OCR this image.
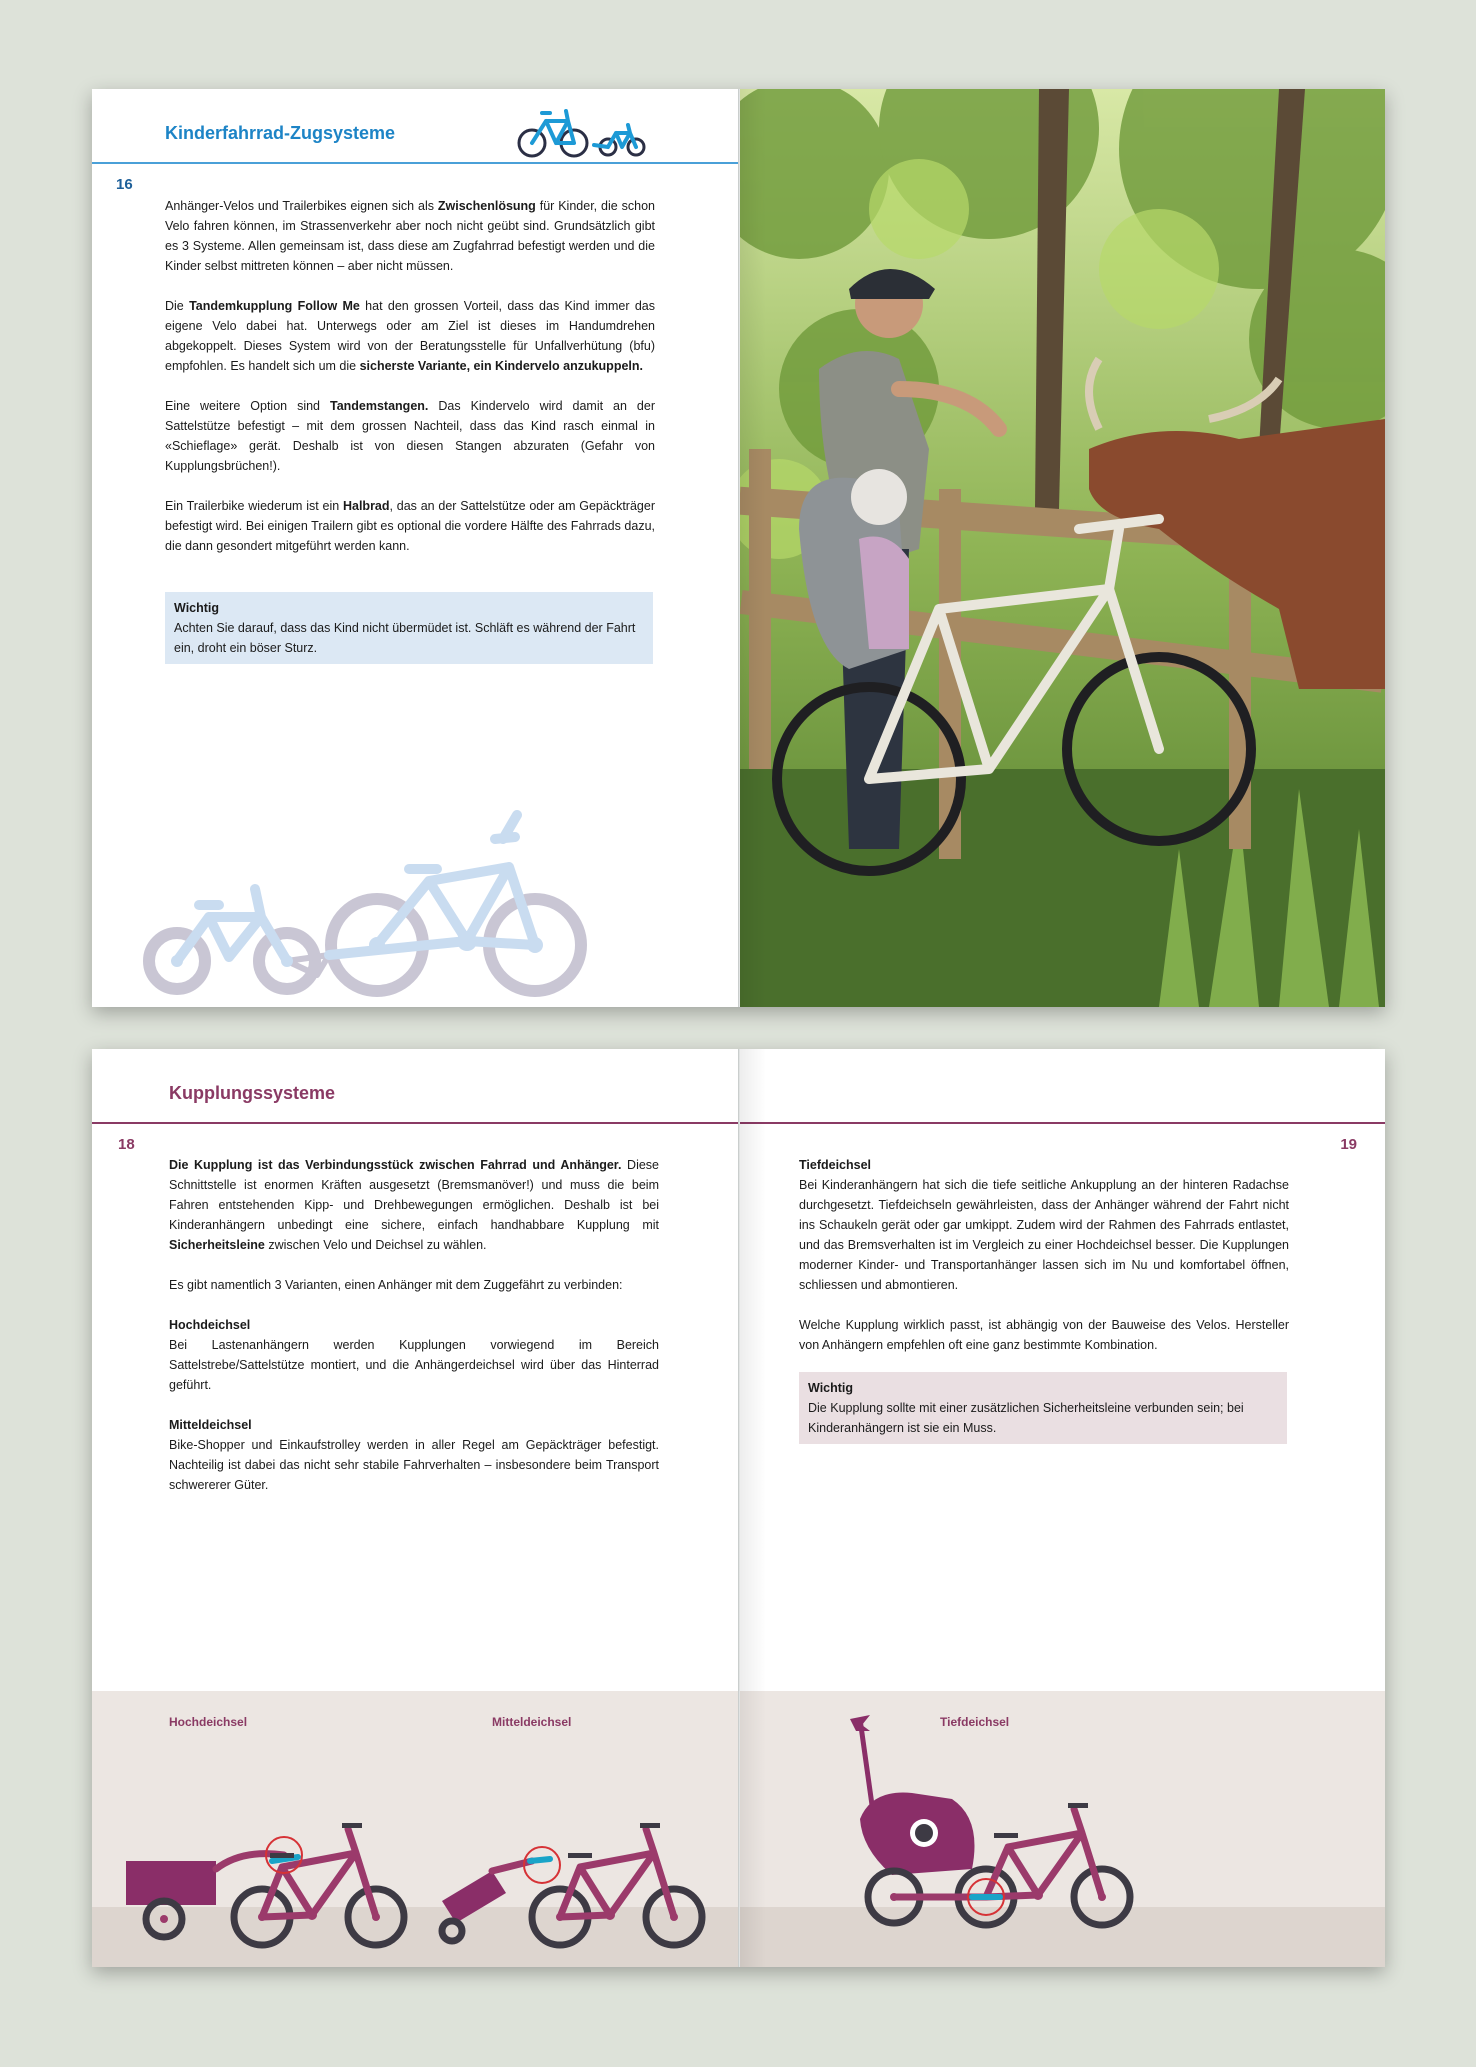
Kinderfahrrad-Zugsysteme
16

Anhänger-Velos und Trailerbikes eignen sich als Zwischenlösung für Kinder, die schon Velo fahren können, im Strassenverkehr aber noch nicht geübt sind. Grundsätzlich gibt es 3 Systeme. Allen gemeinsam ist, dass diese am Zugfahrrad befestigt werden und die Kinder selbst mittreten können – aber nicht müssen.

Die Tandemkupplung Follow Me hat den grossen Vorteil, dass das Kind immer das eigene Velo dabei hat. Unterwegs oder am Ziel ist dieses im Handumdrehen abgekoppelt. Dieses System wird von der Beratungsstelle für Unfallverhütung (bfu) empfohlen. Es handelt sich um die sicherste Variante, ein Kindervelo anzukuppeln.

Eine weitere Option sind Tandemstangen. Das Kindervelo wird damit an der Sattelstütze befestigt – mit dem grossen Nachteil, dass das Kind rasch einmal in «Schieflage» gerät. Deshalb ist von diesen Stangen abzuraten (Gefahr von Kupplungsbrüchen!).

Ein Trailerbike wiederum ist ein Halbrad, das an der Sattelstütze oder am Gepäckträger befestigt wird. Bei einigen Trailern gibt es optional die vordere Hälfte des Fahrrads dazu, die dann gesondert mitgeführt werden kann.

Wichtig
Achten Sie darauf, dass das Kind nicht übermüdet ist. Schläft es während der Fahrt ein, droht ein böser Sturz.
Kupplungssysteme
18	19

Die Kupplung ist das Verbindungsstück zwischen Fahrrad und Anhänger. Diese Schnittstelle ist enormen Kräften ausgesetzt (Bremsmanöver!) und muss die beim Fahren entstehenden Kipp- und Drehbewegungen ermöglichen. Deshalb ist bei Kinderanhängern unbedingt eine sichere, einfach handhabbare Kupplung mit Sicherheitsleine zwischen Velo und Deichsel zu wählen.

Es gibt namentlich 3 Varianten, einen Anhänger mit dem Zuggefährt zu verbinden:

Hochdeichsel
Bei Lastenanhängern werden Kupplungen vorwiegend im Bereich Sattelstrebe/Sattelstütze montiert, und die Anhängerdeichsel wird über das Hinterrad geführt.

Mitteldeichsel
Bike-Shopper und Einkaufstrolley werden in aller Regel am Gepäckträger befestigt. Nachteilig ist dabei das nicht sehr stabile Fahrverhalten – insbesondere beim Transport schwererer Güter.

Tiefdeichsel
Bei Kinderanhängern hat sich die tiefe seitliche Ankupplung an der hinteren Radachse durchgesetzt. Tiefdeichseln gewährleisten, dass der Anhänger während der Fahrt nicht ins Schaukeln gerät oder gar umkippt. Zudem wird der Rahmen des Fahrrads entlastet, und das Bremsverhalten ist im Vergleich zu einer Hochdeichsel besser. Die Kupplungen moderner Kinder- und Transportanhänger lassen sich im Nu und komfortabel öffnen, schliessen und abmontieren.

Welche Kupplung wirklich passt, ist abhängig von der Bauweise des Velos. Hersteller von Anhängern empfehlen oft eine ganz bestimmte Kombination.

Wichtig
Die Kupplung sollte mit einer zusätzlichen Sicherheitsleine verbunden sein; bei Kinderanhängern ist sie ein Muss.
Hochdeichsel	Mitteldeichsel	Tiefdeichsel
